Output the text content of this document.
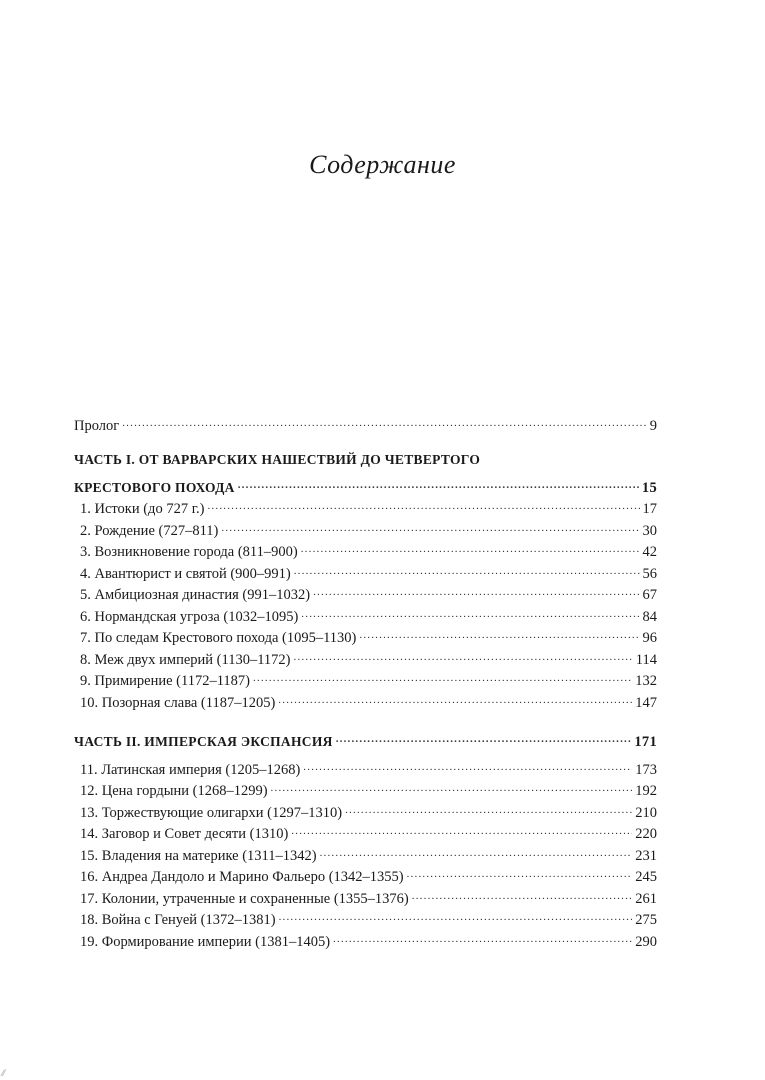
Содержание
Пролог .....	9
ЧАСТЬ I. ОТ ВАРВАРСКИХ НАШЕСТВИЙ ДО ЧЕТВЕРТОГО
КРЕСТОВОГО ПОХОДА .....	15
1. Истоки (до 727 г.) .....	17
2. Рождение (727–811) .....	30
3. Возникновение города (811–900) .....	42
4. Авантюрист и святой (900–991) .....	56
5. Амбициозная династия (991–1032) .....	67
6. Нормандская угроза (1032–1095) .....	84
7. По следам Крестового похода (1095–1130) .....	96
8. Меж двух империй (1130–1172) .....	114
9. Примирение (1172–1187) .....	132
10. Позорная слава (1187–1205) .....	147
ЧАСТЬ II. ИМПЕРСКАЯ ЭКСПАНСИЯ .....	171
11. Латинская империя (1205–1268) .....	173
12. Цена гордыни (1268–1299) .....	192
13. Торжествующие олигархи (1297–1310) .....	210
14. Заговор и Совет десяти (1310) .....	220
15. Владения на материке (1311–1342) .....	231
16. Андреа Дандоло и Марино Фальеро (1342–1355) .....	245
17. Колонии, утраченные и сохраненные (1355–1376) .....	261
18. Война с Генуей (1372–1381) .....	275
19. Формирование империи (1381–1405) .....	290
⁄⁄
